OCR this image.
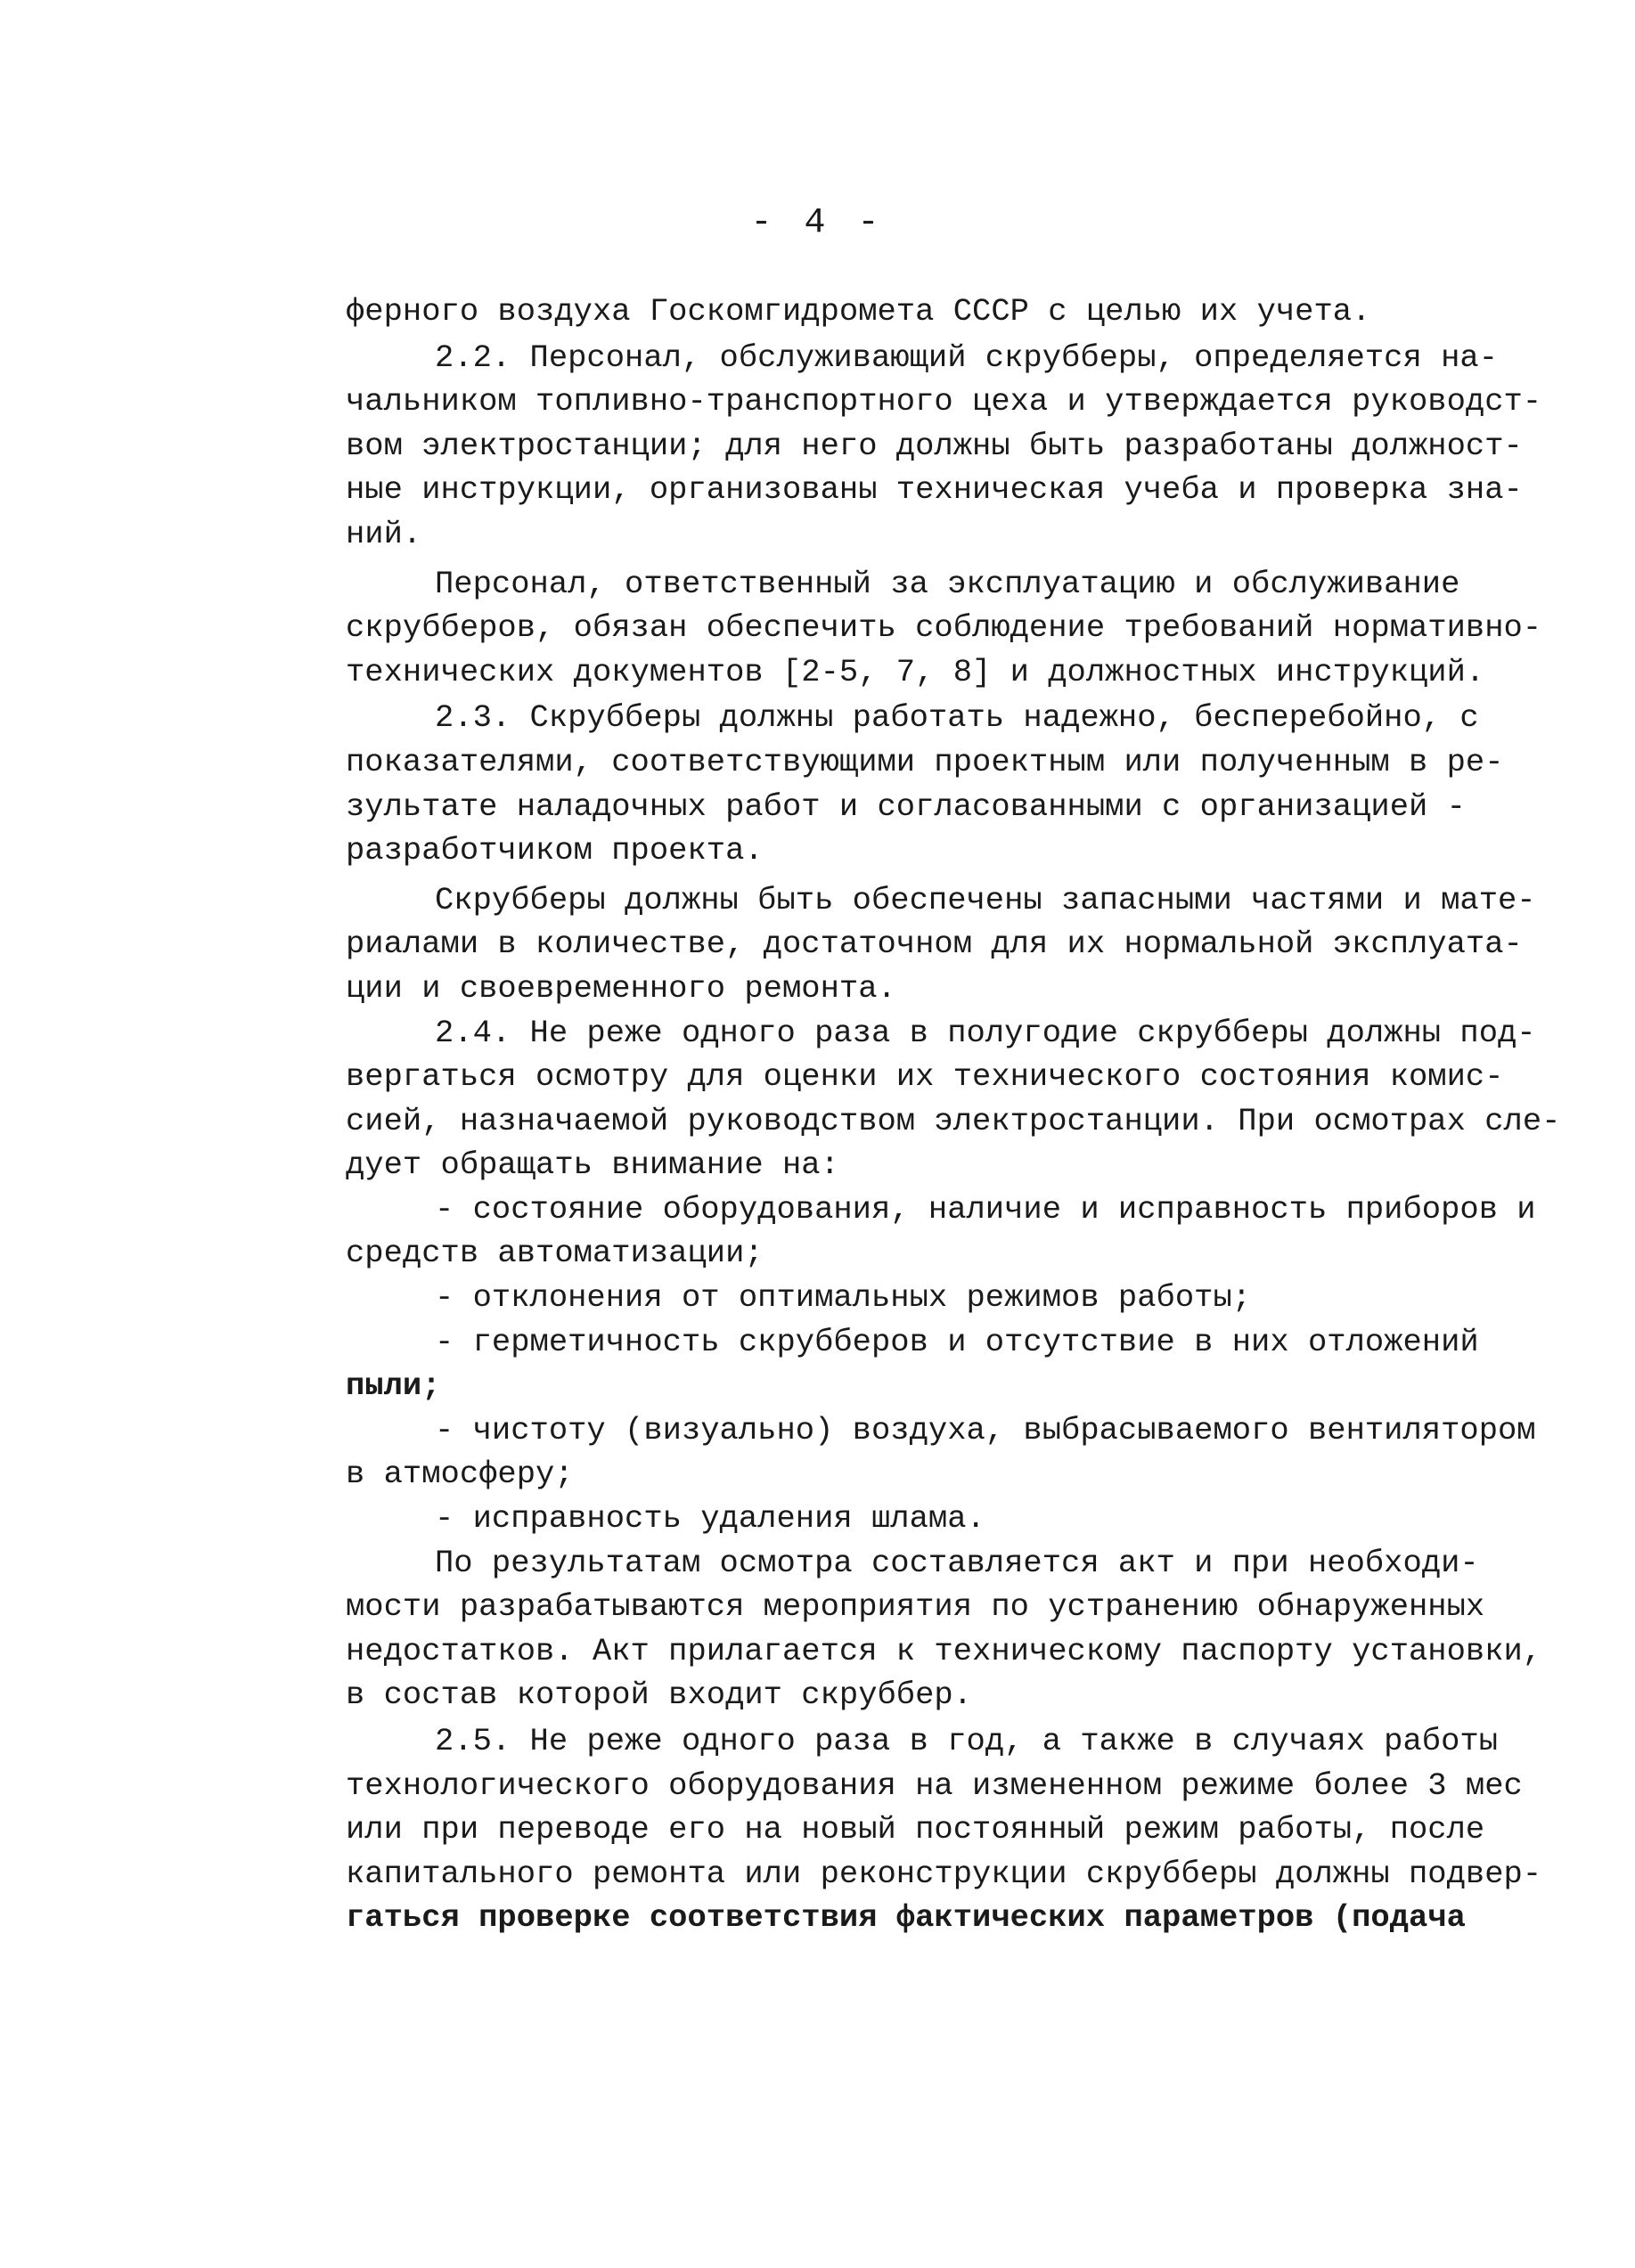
- 4 -
ферного воздуха Госкомгидромета СССР с целью их учета.
2.2. Персонал, обслуживающий скрубберы, определяется на-
чальником топливно-транспортного цеха и утверждается руководст-
вом электростанции; для него должны быть разработаны должност-
ные инструкции, организованы техническая учеба и проверка зна-
ний.
Персонал, ответственный за эксплуатацию и обслуживание
скрубберов, обязан обеспечить соблюдение требований нормативно-
технических документов [2-5, 7, 8] и должностных инструкций.
2.3. Скрубберы должны работать надежно, бесперебойно, с
показателями, соответствующими проектным или полученным в ре-
зультате наладочных работ и согласованными с организацией -
разработчиком проекта.
Скрубберы должны быть обеспечены запасными частями и мате-
риалами в количестве, достаточном для их нормальной эксплуата-
ции и своевременного ремонта.
2.4. Не реже одного раза в полугодие скрубберы должны под-
вергаться осмотру для оценки их технического состояния комис-
сией, назначаемой руководством электростанции. При осмотрах сле-
дует обращать внимание на:
- состояние оборудования, наличие и исправность приборов и
средств автоматизации;
- отклонения от оптимальных режимов работы;
- герметичность скрубберов и отсутствие в них отложений
пыли;
- чистоту (визуально) воздуха, выбрасываемого вентилятором
в атмосферу;
- исправность удаления шлама.
По результатам осмотра составляется акт и при необходи-
мости разрабатываются мероприятия по устранению обнаруженных
недостатков. Акт прилагается к техническому паспорту установки,
в состав которой входит скруббер.
2.5. Не реже одного раза в год, а также в случаях работы
технологического оборудования на измененном режиме более 3 мес
или при переводе его на новый постоянный режим работы, после
капитального ремонта или реконструкции скрубберы должны подвер-
гаться проверке соответствия фактических параметров (подача
